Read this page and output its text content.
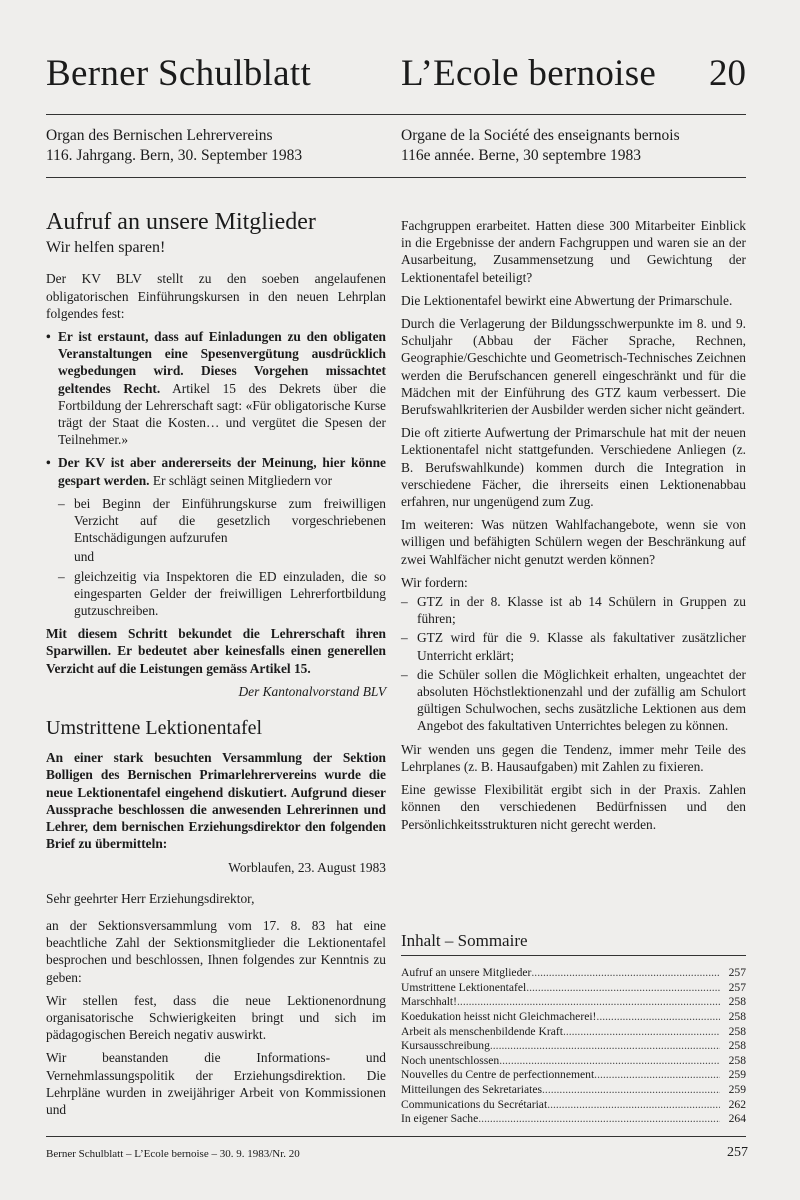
Berner Schulblatt L’Ecole bernoise 20
Organ des Bernischen Lehrervereins
116. Jahrgang. Bern, 30. September 1983
Organe de la Société des enseignants bernois
116e année. Berne, 30 septembre 1983
Aufruf an unsere Mitglieder
Wir helfen sparen!

Der KV BLV stellt zu den soeben angelaufenen obligatorischen Einführungskursen in den neuen Lehrplan folgendes fest:

• Er ist erstaunt, dass auf Einladungen zu den obligaten Veranstaltungen eine Spesenvergütung ausdrücklich wegbedungen wird. Dieses Vorgehen missachtet geltendes Recht. Artikel 15 des Dekrets über die Fortbildung der Lehrerschaft sagt: «Für obligatorische Kurse trägt der Staat die Kosten… und vergütet die Spesen der Teilnehmer.»
• Der KV ist aber andererseits der Meinung, hier könne gespart werden. Er schlägt seinen Mitgliedern vor
– bei Beginn der Einführungskurse zum freiwilligen Verzicht auf die gesetzlich vorgeschriebenen Entschädigungen aufzurufen
und
– gleichzeitig via Inspektoren die ED einzuladen, die so eingesparten Gelder der freiwilligen Lehrerfortbildung gutzuschreiben.

Mit diesem Schritt bekundet die Lehrerschaft ihren Sparwillen. Er bedeutet aber keinesfalls einen generellen Verzicht auf die Leistungen gemäss Artikel 15.

Der Kantonalvorstand BLV
Umstrittene Lektionentafel

An einer stark besuchten Versammlung der Sektion Bolligen des Bernischen Primarlehrervereins wurde die neue Lektionentafel eingehend diskutiert. Aufgrund dieser Aussprache beschlossen die anwesenden Lehrerinnen und Lehrer, dem bernischen Erziehungsdirektor den folgenden Brief zu übermitteln:

Worblaufen, 23. August 1983

Sehr geehrter Herr Erziehungsdirektor,

an der Sektionsversammlung vom 17. 8. 83 hat eine beachtliche Zahl der Sektionsmitglieder die Lektionentafel besprochen und beschlossen, Ihnen folgendes zur Kenntnis zu geben:

Wir stellen fest, dass die neue Lektionenordnung organisatorische Schwierigkeiten bringt und sich im pädagogischen Bereich negativ auswirkt.

Wir beanstanden die Informations- und Vernehmlassungspolitik der Erziehungsdirektion. Die Lehrpläne wurden in zweijähriger Arbeit von Kommissionen und

Fachgruppen erarbeitet. Hatten diese 300 Mitarbeiter Einblick in die Ergebnisse der andern Fachgruppen und waren sie an der Ausarbeitung, Zusammensetzung und Gewichtung der Lektionentafel beteiligt?

Die Lektionentafel bewirkt eine Abwertung der Primarschule.

Durch die Verlagerung der Bildungsschwerpunkte im 8. und 9. Schuljahr (Abbau der Fächer Sprache, Rechnen, Geographie/Geschichte und Geometrisch-Technisches Zeichnen werden die Berufschancen generell eingeschränkt und für die Mädchen mit der Einführung des GTZ kaum verbessert. Die Berufswahlkriterien der Ausbilder werden sicher nicht geändert.

Die oft zitierte Aufwertung der Primarschule hat mit der neuen Lektionentafel nicht stattgefunden. Verschiedene Anliegen (z. B. Berufswahlkunde) kommen durch die Integration in verschiedene Fächer, die ihrerseits einen Lektionenabbau erfahren, nur ungenügend zum Zug.

Im weiteren: Was nützen Wahlfachangebote, wenn sie von willigen und befähigten Schülern wegen der Beschränkung auf zwei Wahlfächer nicht genutzt werden können?

Wir fordern:

– GTZ in der 8. Klasse ist ab 14 Schülern in Gruppen zu führen;
– GTZ wird für die 9. Klasse als fakultativer zusätzlicher Unterricht erklärt;
– die Schüler sollen die Möglichkeit erhalten, ungeachtet der absoluten Höchstlektionenzahl und der zufällig am Schulort gültigen Schulwochen, sechs zusätzliche Lektionen aus dem Angebot des fakultativen Unterrichtes belegen zu können.

Wir wenden uns gegen die Tendenz, immer mehr Teile des Lehrplanes (z. B. Hausaufgaben) mit Zahlen zu fixieren.

Eine gewisse Flexibilität ergibt sich in der Praxis. Zahlen können den verschiedenen Bedürfnissen und den Persönlichkeitsstrukturen nicht gerecht werden.

Inhalt – Sommaire
Aufruf an unsere Mitglieder .....	257
Umstrittene Lektionentafel .....	257
Marschhalt! .....	258
Koedukation heisst nicht Gleichmacherei! .....	258
Arbeit als menschenbildende Kraft .....	258
Kursausschreibung .....	258
Noch unentschlossen .....	258
Nouvelles du Centre de perfectionnement .....	259
Mitteilungen des Sekretariates .....	259
Communications du Secrétariat .....	262
In eigener Sache .....	264
Berner Schulblatt – L’Ecole bernoise – 30. 9. 1983/Nr. 20	257
